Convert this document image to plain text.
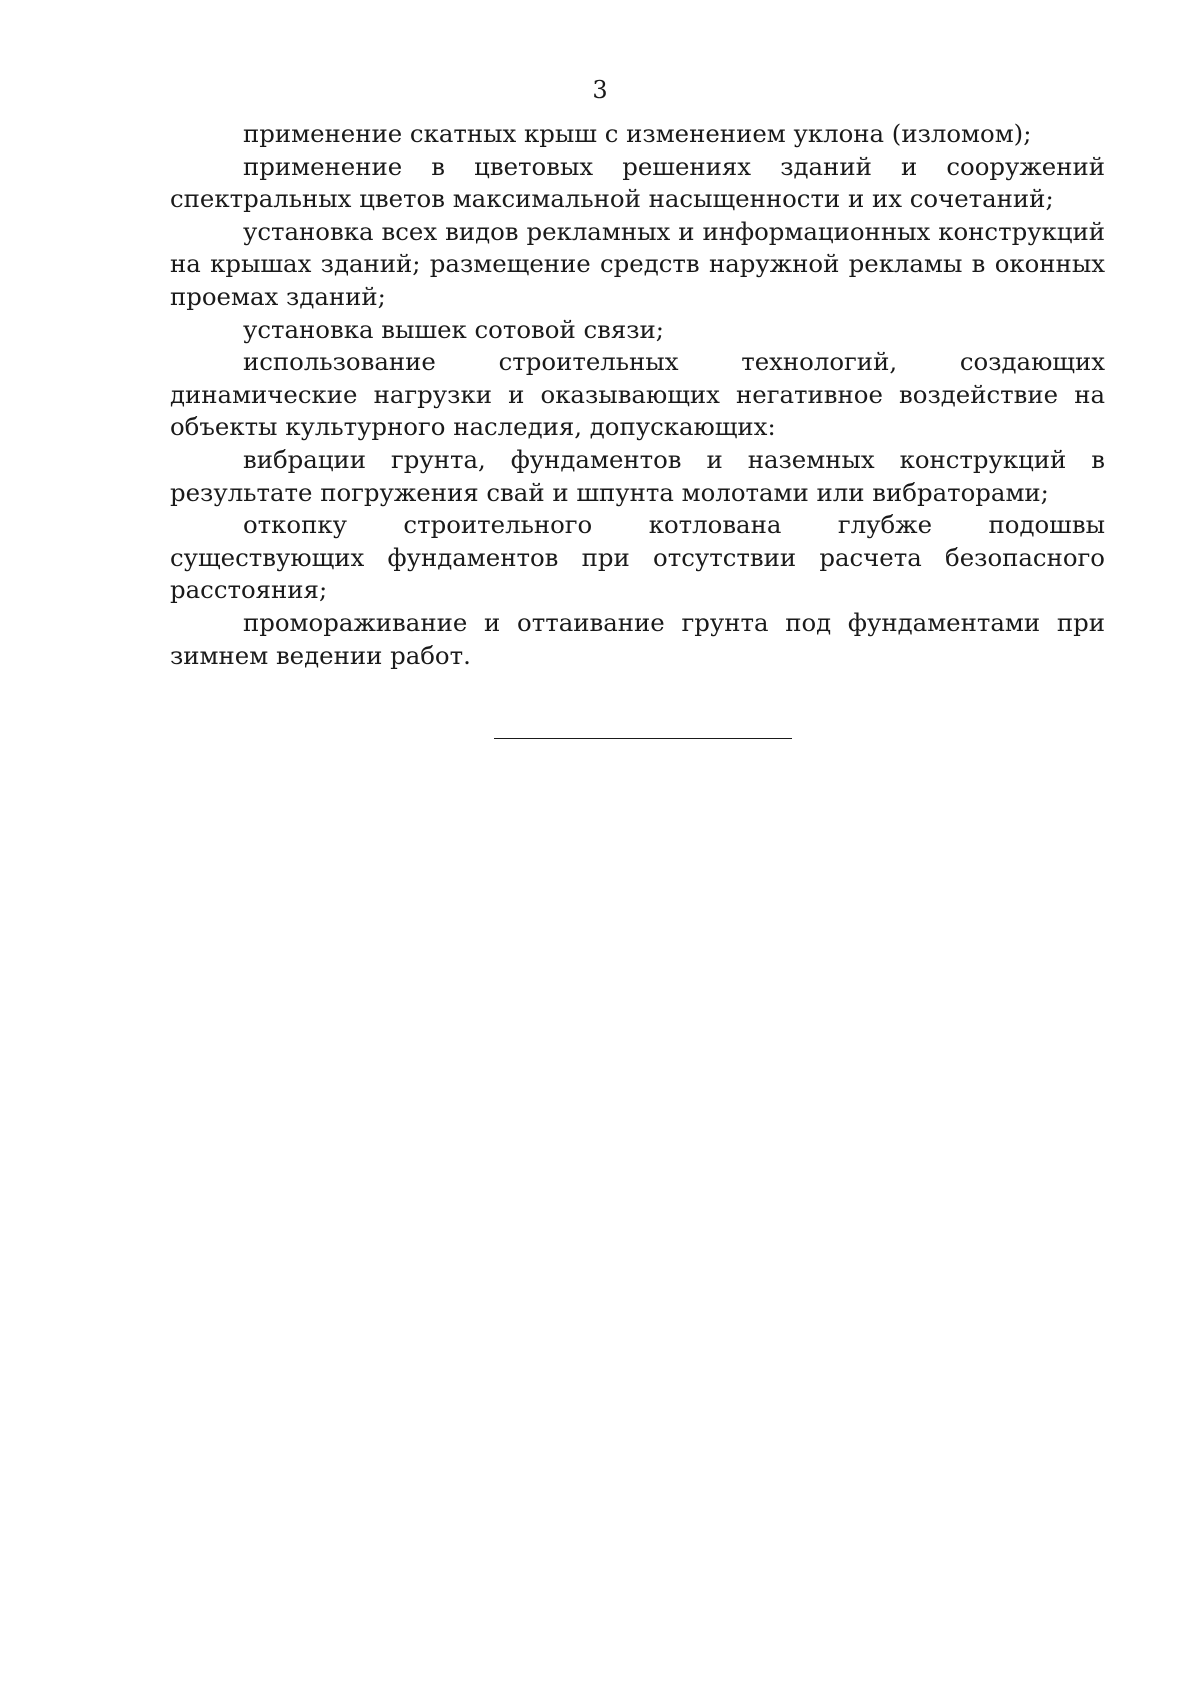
3

применение скатных крыш с изменением уклона (изломом);

применение в цветовых решениях зданий и сооружений спектральных цветов максимальной насыщенности и их сочетаний;

установка всех видов рекламных и информационных конструкций на крышах зданий; размещение средств наружной рекламы в оконных проемах зданий;

установка вышек сотовой связи;

использование строительных технологий, создающих динамические нагрузки и оказывающих негативное воздействие на объекты культурного наследия, допускающих:

вибрации грунта, фундаментов и наземных конструкций в результате погружения свай и шпунта молотами или вибраторами;

откопку строительного котлована глубже подошвы существующих фундаментов при отсутствии расчета безопасного расстояния;

промораживание и оттаивание грунта под фундаментами при зимнем ведении работ.
